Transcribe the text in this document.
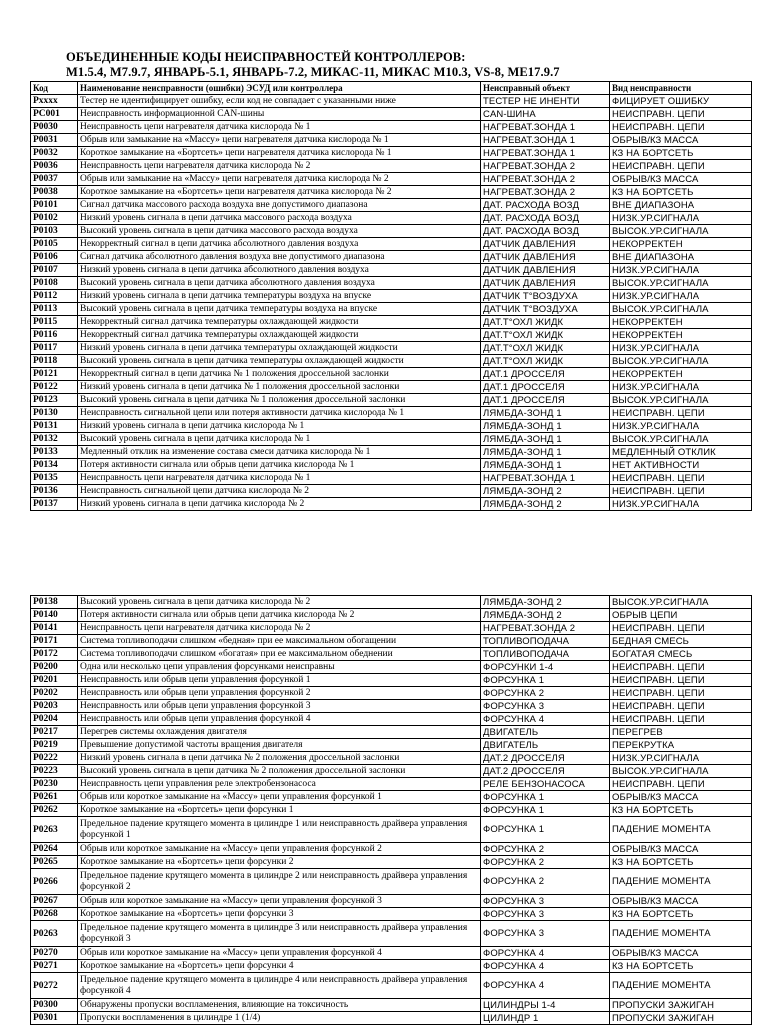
ОБЪЕДИНЕННЫЕ КОДЫ НЕИСПРАВНОСТЕЙ КОНТРОЛЛЕРОВ:
M1.5.4, M7.9.7, ЯНВАРЬ-5.1, ЯНВАРЬ-7.2, МИКАС-11, МИКАС М10.3, VS-8, ME17.9.7
Код	Наименование неисправности (ошибки) ЭСУД или контроллера	Неисправный объект	Вид неисправности
Pxxxx	Тестер не идентифицирует ошибку, если код не совпадает с указанными ниже	ТЕСТЕР НЕ ИНЕНТИ	ФИЦИРУЕТ ОШИБКУ
PC001	Неисправность информационной CAN-шины	CAN-ШИНА	НЕИСПРАВН. ЦЕПИ
P0030	Неисправность цепи нагревателя датчика кислорода № 1	НАГРЕВАТ.ЗОНДА 1	НЕИСПРАВН. ЦЕПИ
P0031	Обрыв или замыкание на «Массу» цепи нагревателя датчика кислорода № 1	НАГРЕВАТ.ЗОНДА 1	ОБРЫВ/КЗ МАССА
P0032	Короткое замыкание на «Бортсеть» цепи нагревателя датчика кислорода № 1	НАГРЕВАТ.ЗОНДА 1	КЗ НА БОРТСЕТЬ
P0036	Неисправность цепи нагревателя датчика кислорода № 2	НАГРЕВАТ.ЗОНДА 2	НЕИСПРАВН. ЦЕПИ
P0037	Обрыв или замыкание на «Массу» цепи нагревателя датчика кислорода № 2	НАГРЕВАТ.ЗОНДА 2	ОБРЫВ/КЗ МАССА
P0038	Короткое замыкание на «Бортсеть» цепи нагревателя датчика кислорода № 2	НАГРЕВАТ.ЗОНДА 2	КЗ НА БОРТСЕТЬ
P0101	Сигнал датчика массового расхода воздуха вне допустимого диапазона	ДАТ. РАСХОДА ВОЗД	ВНЕ ДИАПАЗОНА
P0102	Низкий уровень сигнала в цепи датчика массового расхода воздуха	ДАТ. РАСХОДА ВОЗД	НИЗК.УР.СИГНАЛА
P0103	Высокий уровень сигнала в цепи датчика массового расхода воздуха	ДАТ. РАСХОДА ВОЗД	ВЫСОК.УР.СИГНАЛА
P0105	Некорректный сигнал в цепи датчика абсолютного давления воздуха	ДАТЧИК ДАВЛЕНИЯ	НЕКОРРЕКТЕН
P0106	Сигнал датчика абсолютного давления воздуха вне допустимого диапазона	ДАТЧИК ДАВЛЕНИЯ	ВНЕ ДИАПАЗОНА
P0107	Низкий уровень сигнала в цепи датчика абсолютного давления воздуха	ДАТЧИК ДАВЛЕНИЯ	НИЗК.УР.СИГНАЛА
P0108	Высокий уровень сигнала в цепи датчика абсолютного давления воздуха	ДАТЧИК ДАВЛЕНИЯ	ВЫСОК.УР.СИГНАЛА
P0112	Низкий уровень сигнала в цепи датчика температуры воздуха на впуске	ДАТЧИК T°ВОЗДУХА	НИЗК.УР.СИГНАЛА
P0113	Высокий уровень сигнала в цепи датчика температуры воздуха на впуске	ДАТЧИК T°ВОЗДУХА	ВЫСОК.УР.СИГНАЛА
P0115	Некорректный сигнал датчика температуры охлаждающей жидкости	ДАТ.T°ОХЛ ЖИДК	НЕКОРРЕКТЕН
P0116	Некорректный сигнал датчика температуры охлаждающей жидкости	ДАТ.T°ОХЛ ЖИДК	НЕКОРРЕКТЕН
P0117	Низкий уровень сигнала в цепи датчика температуры охлаждающей жидкости	ДАТ.T°ОХЛ ЖИДК	НИЗК.УР.СИГНАЛА
P0118	Высокий уровень сигнала в цепи датчика температуры охлаждающей жидкости	ДАТ.T°ОХЛ ЖИДК	ВЫСОК.УР.СИГНАЛА
P0121	Некорректный сигнал в цепи датчика № 1 положения дроссельной заслонки	ДАТ.1 ДРОССЕЛЯ	НЕКОРРЕКТЕН
P0122	Низкий уровень сигнала в цепи датчика № 1 положения дроссельной заслонки	ДАТ.1 ДРОССЕЛЯ	НИЗК.УР.СИГНАЛА
P0123	Высокий уровень сигнала в цепи датчика № 1 положения дроссельной заслонки	ДАТ.1 ДРОССЕЛЯ	ВЫСОК.УР.СИГНАЛА
P0130	Неисправность сигнальной цепи или потеря активности датчика кислорода № 1	ЛЯМБДА-ЗОНД 1	НЕИСПРАВН. ЦЕПИ
P0131	Низкий уровень сигнала в цепи датчика кислорода № 1	ЛЯМБДА-ЗОНД 1	НИЗК.УР.СИГНАЛА
P0132	Высокий уровень сигнала в цепи датчика кислорода № 1	ЛЯМБДА-ЗОНД 1	ВЫСОК.УР.СИГНАЛА
P0133	Медленный отклик на изменение состава смеси датчика кислорода № 1	ЛЯМБДА-ЗОНД 1	МЕДЛЕННЫЙ ОТКЛИК
P0134	Потеря активности сигнала или обрыв цепи датчика кислорода № 1	ЛЯМБДА-ЗОНД 1	НЕТ АКТИВНОСТИ
P0135	Неисправность цепи нагревателя датчика кислорода № 1	НАГРЕВАТ.ЗОНДА 1	НЕИСПРАВН. ЦЕПИ
P0136	Неисправность сигнальной цепи датчика кислорода № 2	ЛЯМБДА-ЗОНД 2	НЕИСПРАВН. ЦЕПИ
P0137	Низкий уровень сигнала в цепи датчика кислорода № 2	ЛЯМБДА-ЗОНД 2	НИЗК.УР.СИГНАЛА
P0138	Высокий уровень сигнала в цепи датчика кислорода № 2	ЛЯМБДА-ЗОНД 2	ВЫСОК.УР.СИГНАЛА
P0140	Потеря активности сигнала или обрыв цепи датчика кислорода № 2	ЛЯМБДА-ЗОНД 2	ОБРЫВ ЦЕПИ
P0141	Неисправность цепи нагревателя датчика кислорода № 2	НАГРЕВАТ.ЗОНДА 2	НЕИСПРАВН. ЦЕПИ
P0171	Система топливоподачи слишком «бедная» при ее максимальном обогащении	ТОПЛИВОПОДАЧА	БЕДНАЯ СМЕСЬ
P0172	Система топливоподачи слишком «богатая» при ее максимальном обеднении	ТОПЛИВОПОДАЧА	БОГАТАЯ СМЕСЬ
P0200	Одна или несколько цепи управления форсунками неисправны	ФОРСУНКИ 1-4	НЕИСПРАВН. ЦЕПИ
P0201	Неисправность или обрыв цепи управления форсункой 1	ФОРСУНКА 1	НЕИСПРАВН. ЦЕПИ
P0202	Неисправность или обрыв цепи управления форсункой 2	ФОРСУНКА 2	НЕИСПРАВН. ЦЕПИ
P0203	Неисправность или обрыв цепи управления форсункой 3	ФОРСУНКА 3	НЕИСПРАВН. ЦЕПИ
P0204	Неисправность или обрыв цепи управления форсункой 4	ФОРСУНКА 4	НЕИСПРАВН. ЦЕПИ
P0217	Перегрев системы охлаждения двигателя	ДВИГАТЕЛЬ	ПЕРЕГРЕВ
P0219	Превышение допустимой частоты вращения двигателя	ДВИГАТЕЛЬ	ПЕРЕКРУТКА
P0222	Низкий уровень сигнала в цепи датчика № 2 положения дроссельной заслонки	ДАТ.2 ДРОССЕЛЯ	НИЗК.УР.СИГНАЛА
P0223	Высокий уровень сигнала в цепи датчика № 2 положения дроссельной заслонки	ДАТ.2 ДРОССЕЛЯ	ВЫСОК.УР.СИГНАЛА
P0230	Неисправность цепи управления реле электробензонасоса	РЕЛЕ БЕНЗОНАСОСА	НЕИСПРАВН. ЦЕПИ
P0261	Обрыв или короткое замыкание на «Массу» цепи управления форсункой 1	ФОРСУНКА 1	ОБРЫВ/КЗ МАССА
P0262	Короткое замыкание на «Бортсеть» цепи форсунки 1	ФОРСУНКА 1	КЗ НА БОРТСЕТЬ
P0263	Предельное падение крутящего момента в цилиндре 1 или неисправность драйвера управления форсункой 1	ФОРСУНКА 1	ПАДЕНИЕ МОМЕНТА
P0264	Обрыв или короткое замыкание на «Массу» цепи управления форсункой 2	ФОРСУНКА 2	ОБРЫВ/КЗ МАССА
P0265	Короткое замыкание на «Бортсеть» цепи форсунки 2	ФОРСУНКА 2	КЗ НА БОРТСЕТЬ
P0266	Предельное падение крутящего момента в цилиндре 2 или неисправность драйвера управления форсункой 2	ФОРСУНКА 2	ПАДЕНИЕ МОМЕНТА
P0267	Обрыв или короткое замыкание на «Массу» цепи управления форсункой 3	ФОРСУНКА 3	ОБРЫВ/КЗ МАССА
P0268	Короткое замыкание на «Бортсеть» цепи форсунки 3	ФОРСУНКА 3	КЗ НА БОРТСЕТЬ
P0263	Предельное падение крутящего момента в цилиндре 3 или неисправность драйвера управления форсункой 3	ФОРСУНКА 3	ПАДЕНИЕ МОМЕНТА
P0270	Обрыв или короткое замыкание на «Массу» цепи управления форсункой 4	ФОРСУНКА 4	ОБРЫВ/КЗ МАССА
P0271	Короткое замыкание на «Бортсеть» цепи форсунки 4	ФОРСУНКА 4	КЗ НА БОРТСЕТЬ
P0272	Предельное падение крутящего момента в цилиндре 4 или неисправность драйвера управления форсункой 4	ФОРСУНКА 4	ПАДЕНИЕ МОМЕНТА
P0300	Обнаружены пропуски воспламенения, влияющие на токсичность	ЦИЛИНДРЫ 1-4	ПРОПУСКИ ЗАЖИГАН
P0301	Пропуски воспламенения в цилиндре 1 (1/4)	ЦИЛИНДР 1	ПРОПУСКИ ЗАЖИГАН
